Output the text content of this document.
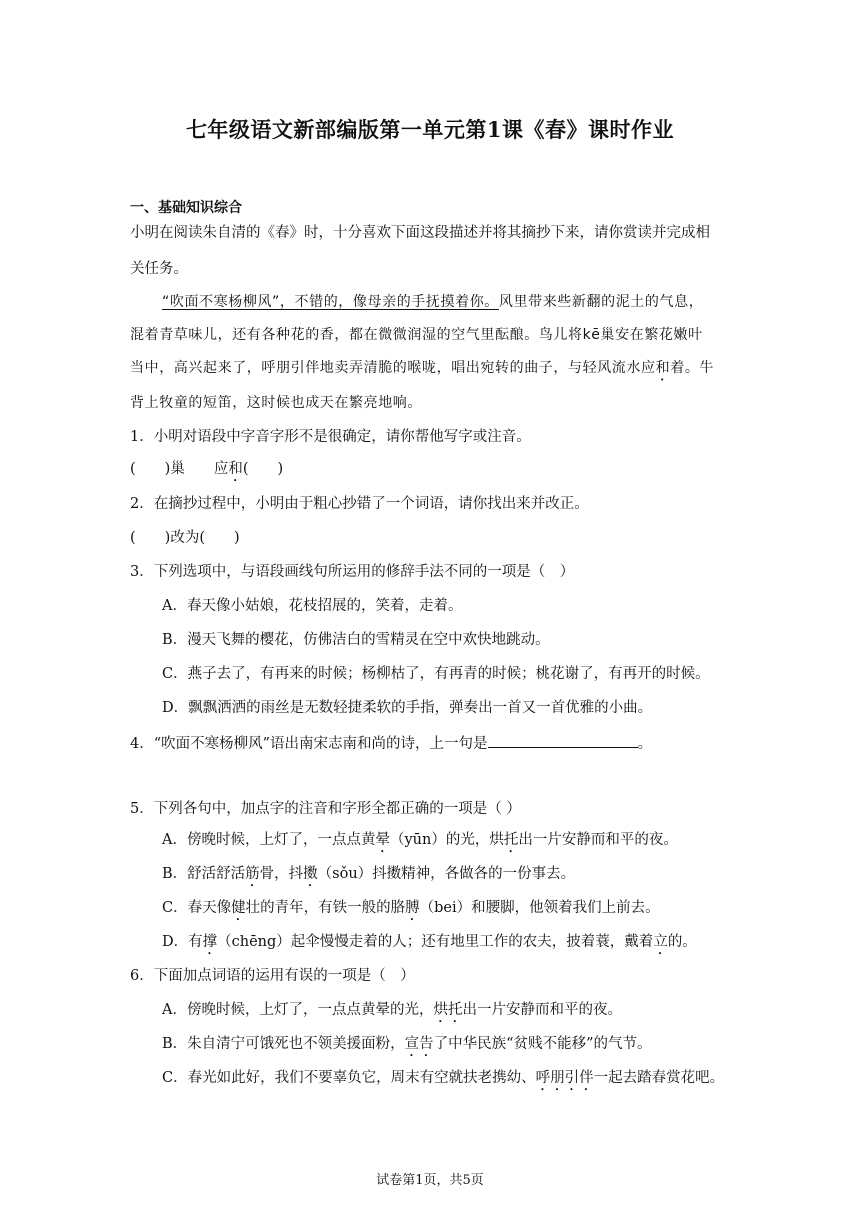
七年级语文新部编版第一单元第1课《春》课时作业
一、基础知识综合
小明在阅读朱自清的《春》时，十分喜欢下面这段描述并将其摘抄下来，请你赏读并完成相
关任务。
“吹面不寒杨柳风”，不错的，像母亲的手抚摸着你。风里带来些新翻的泥土的气息，
混着青草味儿，还有各种花的香，都在微微润湿的空气里酝酿。鸟儿将kē巢安在繁花嫩叶
当中，高兴起来了，呼朋引伴地卖弄清脆的喉咙，唱出宛转的曲子，与轻风流水应和着。牛
背上牧童的短笛，这时候也成天在繁亮地响。
1．小明对语段中字音字形不是很确定，请你帮他写字或注音。
(　　)巢　　应和(　　)
2．在摘抄过程中，小明由于粗心抄错了一个词语，请你找出来并改正。
(　　)改为(　　)
3．下列选项中，与语段画线句所运用的修辞手法不同的一项是（　）
A．春天像小姑娘，花枝招展的，笑着，走着。
B．漫天飞舞的樱花，仿佛洁白的雪精灵在空中欢快地跳动。
C．燕子去了，有再来的时候；杨柳枯了，有再青的时候；桃花谢了，有再开的时候。
D．飘飘洒洒的雨丝是无数轻捷柔软的手指，弹奏出一首又一首优雅的小曲。
4．“吹面不寒杨柳风”语出南宋志南和尚的诗，上一句是	。
5．下列各句中，加点字的注音和字形全都正确的一项是（ ）
A．傍晚时候，上灯了，一点点黄晕（yūn）的光，烘托出一片安静而和平的夜。
B．舒活舒活筋骨，抖擞（sǒu）抖擞精神，各做各的一份事去。
C．春天像健壮的青年，有铁一般的胳膊（bei）和腰脚，他领着我们上前去。
D．有撑（chēng）起伞慢慢走着的人；还有地里工作的农夫，披着蓑，戴着立的。
6．下面加点词语的运用有误的一项是（　）
A．傍晚时候，上灯了，一点点黄晕的光，烘托出一片安静而和平的夜。
B．朱自清宁可饿死也不领美援面粉，宣告了中华民族“贫贱不能移”的气节。
C．春光如此好，我们不要辜负它，周末有空就扶老携幼、呼朋引伴一起去踏春赏花吧。
试卷第1页，共5页
